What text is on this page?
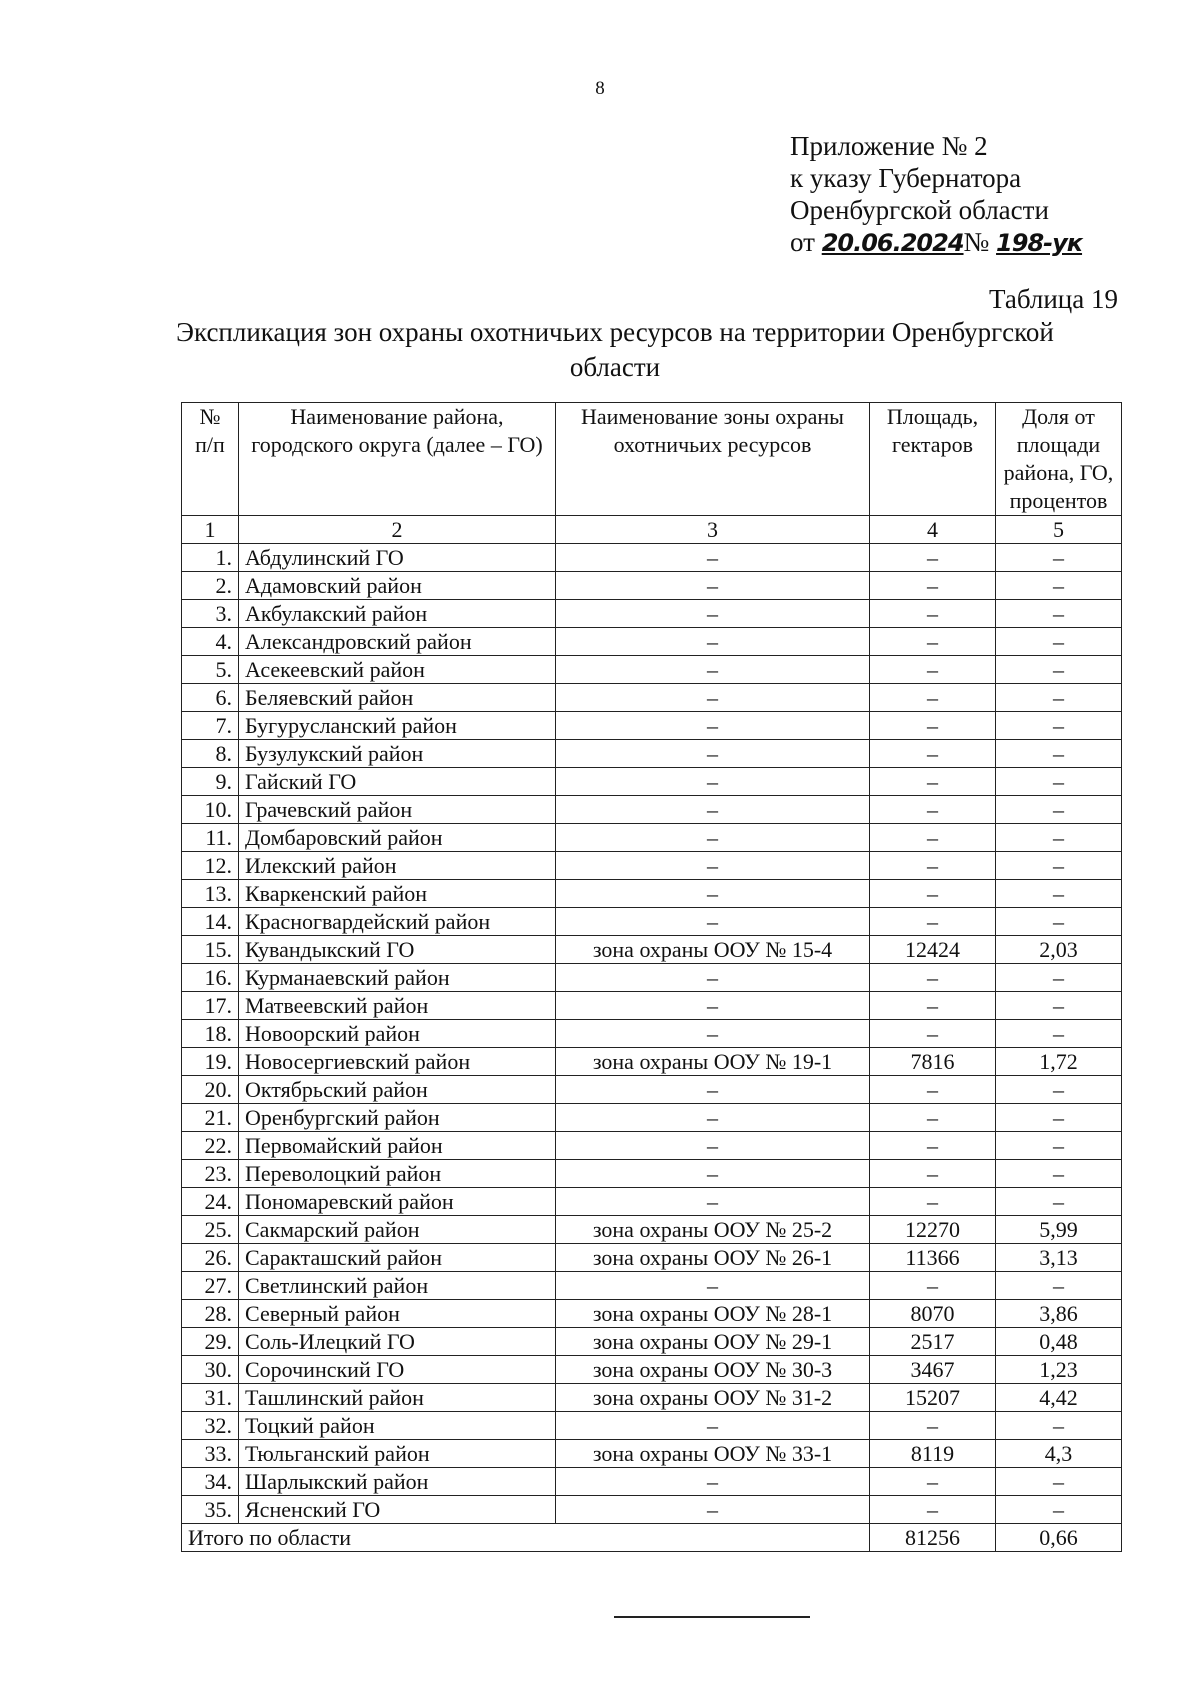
8
Приложение № 2
к указу Губернатора
Оренбургской области
от 20.06.2024№ 198-ук
Таблица 19
Экспликация зон охраны охотничьих ресурсов на территории Оренбургской области
№ п/п	Наименование района, городского округа (далее – ГО)	Наименование зоны охраны охотничьих ресурсов	Площадь, гектаров	Доля от площади района, ГО, процентов
1	2	3	4	5
1.	Абдулинский ГО	–	–	–
2.	Адамовский район	–	–	–
3.	Акбулакский район	–	–	–
4.	Александровский район	–	–	–
5.	Асекеевский район	–	–	–
6.	Беляевский район	–	–	–
7.	Бугурусланский район	–	–	–
8.	Бузулукский район	–	–	–
9.	Гайский ГО	–	–	–
10.	Грачевский район	–	–	–
11.	Домбаровский район	–	–	–
12.	Илекский район	–	–	–
13.	Кваркенский район	–	–	–
14.	Красногвардейский район	–	–	–
15.	Кувандыкский ГО	зона охраны ООУ № 15-4	12424	2,03
16.	Курманаевский район	–	–	–
17.	Матвеевский район	–	–	–
18.	Новоорский район	–	–	–
19.	Новосергиевский район	зона охраны ООУ № 19-1	7816	1,72
20.	Октябрьский район	–	–	–
21.	Оренбургский район	–	–	–
22.	Первомайский район	–	–	–
23.	Переволоцкий район	–	–	–
24.	Пономаревский район	–	–	–
25.	Сакмарский район	зона охраны ООУ № 25-2	12270	5,99
26.	Саракташский район	зона охраны ООУ № 26-1	11366	3,13
27.	Светлинский район	–	–	–
28.	Северный район	зона охраны ООУ № 28-1	8070	3,86
29.	Соль-Илецкий ГО	зона охраны ООУ № 29-1	2517	0,48
30.	Сорочинский ГО	зона охраны ООУ № 30-3	3467	1,23
31.	Ташлинский район	зона охраны ООУ № 31-2	15207	4,42
32.	Тоцкий район	–	–	–
33.	Тюльганский район	зона охраны ООУ № 33-1	8119	4,3
34.	Шарлыкский район	–	–	–
35.	Ясненский ГО	–	–	–
Итого по области			81256	0,66
